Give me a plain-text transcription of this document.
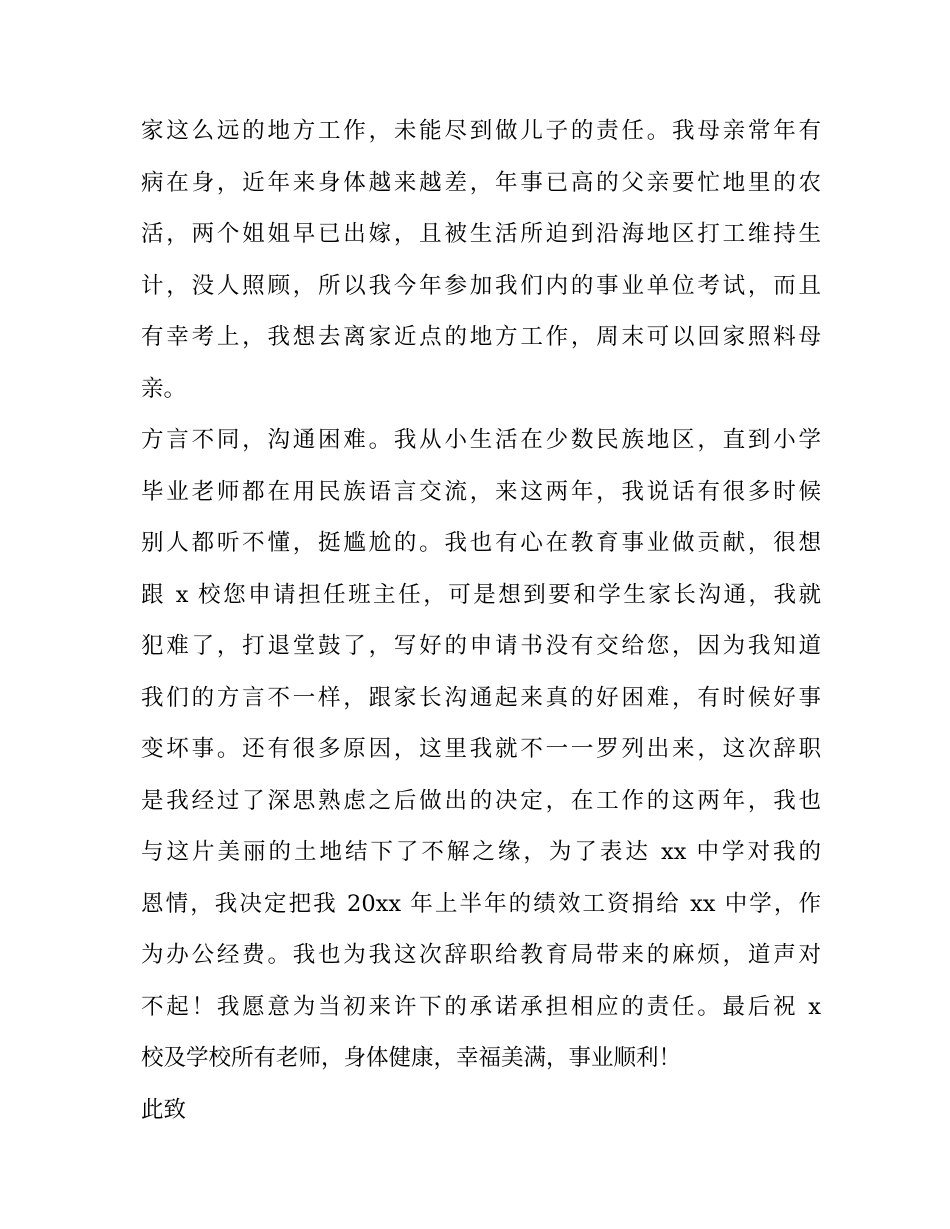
家这么远的地方工作，未能尽到做儿子的责任。我母亲常年有
病在身，近年来身体越来越差，年事已高的父亲要忙地里的农
活，两个姐姐早已出嫁，且被生活所迫到沿海地区打工维持生
计，没人照顾，所以我今年参加我们内的事业单位考试，而且
有幸考上，我想去离家近点的地方工作，周末可以回家照料母
亲。
方言不同，沟通困难。我从小生活在少数民族地区，直到小学
毕业老师都在用民族语言交流，来这两年，我说话有很多时候
别人都听不懂，挺尴尬的。我也有心在教育事业做贡献，很想
跟 x 校您申请担任班主任，可是想到要和学生家长沟通，我就
犯难了，打退堂鼓了，写好的申请书没有交给您，因为我知道
我们的方言不一样，跟家长沟通起来真的好困难，有时候好事
变坏事。还有很多原因，这里我就不一一罗列出来，这次辞职
是我经过了深思熟虑之后做出的决定，在工作的这两年，我也
与这片美丽的土地结下了不解之缘，为了表达 xx 中学对我的
恩情，我决定把我 20xx 年上半年的绩效工资捐给 xx 中学，作
为办公经费。我也为我这次辞职给教育局带来的麻烦，道声对
不起！我愿意为当初来许下的承诺承担相应的责任。最后祝 x
校及学校所有老师，身体健康，幸福美满，事业顺利！
此致
